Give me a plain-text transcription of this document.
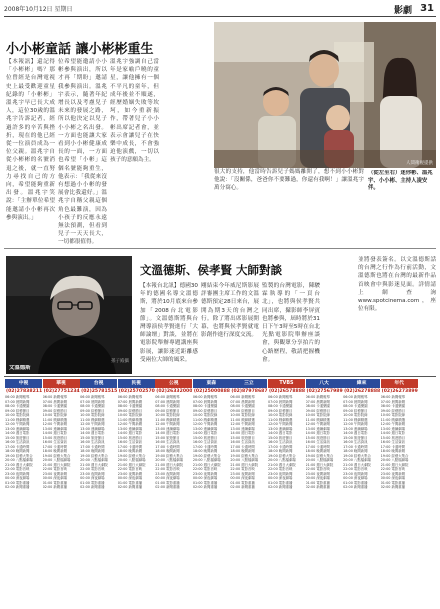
2008年10月12日 星期日	影劇 31
小小彬童話 讓小彬彬重生
【本報訊】還記得「小彬彬」嗎？那位曾經是台灣電視史上最受歡迎童星紀錄的「小彬彬」溫兆宇早已長大成人，這位30歲的溫兆宇告訴記者，經過許多的辛苦與挫折，現在的他已經從一位演員成為一位父親。溫兆宇自從小彬彬的名號消退之後，就一直努力尋找自己的方向，希望能夠重新出發。溫兆宇笑說：「主辦單位希望能邀請小小彬再次參與演出。」
位希望能邀請小小彬參與演出，所以才再「期盼」邀請我參與演出。溫兆宇表示，隨著年紀增長以及考慮兒子未來的發展之路，所以他決定以兒子小小彬之名出發。一方面也能讓大家看到小小彬健康成長的一面，一方面也希望「小彬」這個名號能夠重生，他表示：「我從來沒有想過小小彬的發展會比我還好。」溫兆宇自稱父親這個角色最難演，因為小孩子的反應永遠無法預測，但看到兒子一天天長大，一切都很值得。
溫兆宇強調自己當年是家喻戶曉的童星，讓他擁有一個不平凡的童年，但成年後並不順遂，經歷婚姻失敗等坎坷，如今重新振作，帶著兒子小小彬出席記者會，並表示會讓兒子在快樂中成長，不會強迫他演戲，一切以孩子的意願為主。
很大的支持，他當時告訴兒子媽媽離開了，想不到小小彬對他說：「沒關係，爸爸你不要難過，你還有我啊！」讓溫兆宇萬分窩心。
人間衛視提供
（從左至右）迷你彬、溫兆宇、小小彬、主持人凌安伴。
文溫德斯
孫子殿攝
文溫德斯、侯孝賢 大師對談
【本報台北訊】德國30年的德國名導文溫德斯，將於10月底來台參加「2008台北電影節」。文溫德斯將與台灣導演侯孝賢進行「大師論壇」對談，並將在電影院舉辦專題講座與影展，讓影迷近距離感受兩位大師的風采。
剛結束今年威尼斯影展評審團主席工作的文溫德斯預定28日來台，展開為期3天的台灣之行。除了將出席影展開幕，也將與侯孝賢就電影創作進行深度交流。
監製的台灣電影，陳駿霖執導的「一頁台北」，也將與侯孝賢共同出席，攝影師李屏賓也將參與，屆時將於31日下午3時至5時在台北光點電影院舉辦座談會，與觀眾分享拍片的心路歷程，敬請把握機會。
並將發表簽名。以文溫德斯話的台灣之行作為行前活動，文溫德斯也將在台灣的最新作品首映會中與影迷見面。詳情請上網查詢www.spotcinema.com，座位有限。
中視
(02)27838211
06:00 新聞報導
07:00 晨間新聞
08:00 卡通樂園
09:00 綜藝節目
10:00 電影院線
11:00 戲劇精選
12:00 午間新聞
13:00 連續劇場
14:00 週日電影
15:00 旅遊節目
16:00 生活資訊
17:00 卡通時間
18:00 晚間新聞
19:00 綜藝大集合
20:00 八點檔劇場
21:00 週日大劇院
22:00 電影首映
23:00 夜間新聞
00:00 深夜劇場
01:00 電影重播
02:00 新聞重播
華視
(02)27751234
06:00 新聞報導
07:00 晨間新聞
08:00 卡通樂園
09:00 綜藝節目
10:00 電影院線
11:00 戲劇精選
12:00 午間新聞
13:00 連續劇場
14:00 週日電影
15:00 旅遊節目
16:00 生活資訊
17:00 卡通時間
18:00 晚間新聞
19:00 綜藝大集合
20:00 八點檔劇場
21:00 週日大劇院
22:00 電影首映
23:00 夜間新聞
00:00 深夜劇場
01:00 電影重播
02:00 新聞重播
台視
(02)25781515
06:00 新聞報導
07:00 晨間新聞
08:00 卡通樂園
09:00 綜藝節目
10:00 電影院線
11:00 戲劇精選
12:00 午間新聞
13:00 連續劇場
14:00 週日電影
15:00 旅遊節目
16:00 生活資訊
17:00 卡通時間
18:00 晚間新聞
19:00 綜藝大集合
20:00 八點檔劇場
21:00 週日大劇院
22:00 電影首映
23:00 夜間新聞
00:00 深夜劇場
01:00 電影重播
02:00 新聞重播
民視
(02)25702570
06:00 新聞報導
07:00 晨間新聞
08:00 卡通樂園
09:00 綜藝節目
10:00 電影院線
11:00 戲劇精選
12:00 午間新聞
13:00 連續劇場
14:00 週日電影
15:00 旅遊節目
16:00 生活資訊
17:00 卡通時間
18:00 晚間新聞
19:00 綜藝大集合
20:00 八點檔劇場
21:00 週日大劇院
22:00 電影首映
23:00 夜間新聞
00:00 深夜劇場
01:00 電影重播
02:00 新聞重播
公視
(02)26332000
06:00 新聞報導
07:00 晨間新聞
08:00 卡通樂園
09:00 綜藝節目
10:00 電影院線
11:00 戲劇精選
12:00 午間新聞
13:00 連續劇場
14:00 週日電影
15:00 旅遊節目
16:00 生活資訊
17:00 卡通時間
18:00 晚間新聞
19:00 綜藝大集合
20:00 八點檔劇場
21:00 週日大劇院
22:00 電影首映
23:00 夜間新聞
00:00 深夜劇場
01:00 電影重播
02:00 新聞重播
東森
(02)25000888
06:00 新聞報導
07:00 晨間新聞
08:00 卡通樂園
09:00 綜藝節目
10:00 電影院線
11:00 戲劇精選
12:00 午間新聞
13:00 連續劇場
14:00 週日電影
15:00 旅遊節目
16:00 生活資訊
17:00 卡通時間
18:00 晚間新聞
19:00 綜藝大集合
20:00 八點檔劇場
21:00 週日大劇院
22:00 電影首映
23:00 夜間新聞
00:00 深夜劇場
01:00 電影重播
02:00 新聞重播
三立
(02)87978687
06:00 新聞報導
07:00 晨間新聞
08:00 卡通樂園
09:00 綜藝節目
10:00 電影院線
11:00 戲劇精選
12:00 午間新聞
13:00 連續劇場
14:00 週日電影
15:00 旅遊節目
16:00 生活資訊
17:00 卡通時間
18:00 晚間新聞
19:00 綜藝大集合
20:00 八點檔劇場
21:00 週日大劇院
22:00 電影首映
23:00 夜間新聞
00:00 深夜劇場
01:00 電影重播
02:00 新聞重播
TVBS
(02)26578888
06:00 新聞報導
07:00 晨間新聞
08:00 卡通樂園
09:00 綜藝節目
10:00 電影院線
11:00 戲劇精選
12:00 午間新聞
13:00 連續劇場
14:00 週日電影
15:00 旅遊節目
16:00 生活資訊
17:00 卡通時間
18:00 晚間新聞
19:00 綜藝大集合
20:00 八點檔劇場
21:00 週日大劇院
22:00 電影首映
23:00 夜間新聞
00:00 深夜劇場
01:00 電影重播
02:00 新聞重播
八大
(02)27567989
06:00 新聞報導
07:00 晨間新聞
08:00 卡通樂園
09:00 綜藝節目
10:00 電影院線
11:00 戲劇精選
12:00 午間新聞
13:00 連續劇場
14:00 週日電影
15:00 旅遊節目
16:00 生活資訊
17:00 卡通時間
18:00 晚間新聞
19:00 綜藝大集合
20:00 八點檔劇場
21:00 週日大劇院
22:00 電影首映
23:00 夜間新聞
00:00 深夜劇場
01:00 電影重播
02:00 新聞重播
緯來
(02)26278888
06:00 新聞報導
07:00 晨間新聞
08:00 卡通樂園
09:00 綜藝節目
10:00 電影院線
11:00 戲劇精選
12:00 午間新聞
13:00 連續劇場
14:00 週日電影
15:00 旅遊節目
16:00 生活資訊
17:00 卡通時間
18:00 晚間新聞
19:00 綜藝大集合
20:00 八點檔劇場
21:00 週日大劇院
22:00 電影首映
23:00 夜間新聞
00:00 深夜劇場
01:00 電影重播
02:00 新聞重播
年代
(02)26273899
06:00 新聞報導
07:00 晨間新聞
08:00 卡通樂園
09:00 綜藝節目
10:00 電影院線
11:00 戲劇精選
12:00 午間新聞
13:00 連續劇場
14:00 週日電影
15:00 旅遊節目
16:00 生活資訊
17:00 卡通時間
18:00 晚間新聞
19:00 綜藝大集合
20:00 八點檔劇場
21:00 週日大劇院
22:00 電影首映
23:00 夜間新聞
00:00 深夜劇場
01:00 電影重播
02:00 新聞重播
